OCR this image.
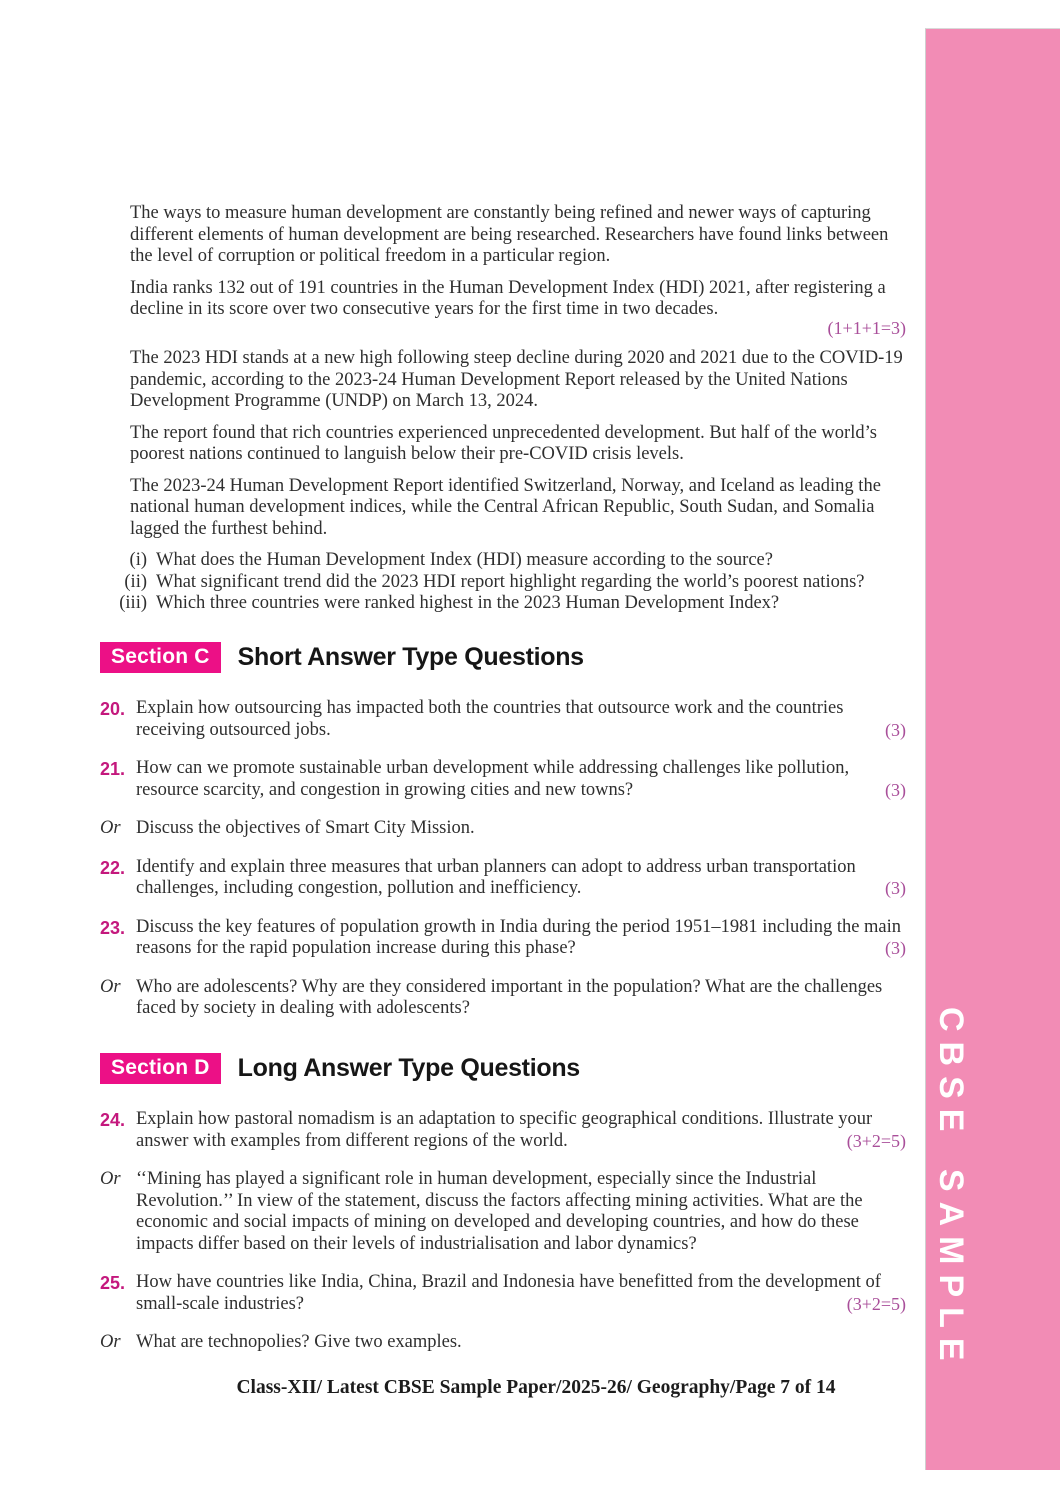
CBSE SAMPLE

The ways to measure human development are constantly being refined and newer ways of capturing different elements of human development are being researched. Researchers have found links between the level of corruption or political freedom in a particular region.

India ranks 132 out of 191 countries in the Human Development Index (HDI) 2021, after registering a decline in its score over two consecutive years for the first time in two decades.

(1+1+1=3)

The 2023 HDI stands at a new high following steep decline during 2020 and 2021 due to the COVID-19 pandemic, according to the 2023-24 Human Development Report released by the United Nations Development Programme (UNDP) on March 13, 2024.

The report found that rich countries experienced unprecedented development. But half of the world’s poorest nations continued to languish below their pre-COVID crisis levels.

The 2023-24 Human Development Report identified Switzerland, Norway, and Iceland as leading the national human development indices, while the Central African Republic, South Sudan, and Somalia lagged the furthest behind.

(i) What does the Human Development Index (HDI) measure according to the source?
(ii) What significant trend did the 2023 HDI report highlight regarding the world’s poorest nations?
(iii) Which three countries were ranked highest in the 2023 Human Development Index?
Section C	Short Answer Type Questions
20. Explain how outsourcing has impacted both the countries that outsource work and the countries receiving outsourced jobs.	(3)
21. How can we promote sustainable urban development while addressing challenges like pollution, resource scarcity, and congestion in growing cities and new towns?	(3)
Or Discuss the objectives of Smart City Mission.
22. Identify and explain three measures that urban planners can adopt to address urban transportation challenges, including congestion, pollution and inefficiency.	(3)
23. Discuss the key features of population growth in India during the period 1951–1981 including the main reasons for the rapid population increase during this phase?	(3)
Or Who are adolescents? Why are they considered important in the population? What are the challenges faced by society in dealing with adolescents?
Section D	Long Answer Type Questions
24. Explain how pastoral nomadism is an adaptation to specific geographical conditions. Illustrate your answer with examples from different regions of the world.	(3+2=5)
Or ‘‘Mining has played a significant role in human development, especially since the Industrial Revolution.’’ In view of the statement, discuss the factors affecting mining activities. What are the economic and social impacts of mining on developed and developing countries, and how do these impacts differ based on their levels of industrialisation and labor dynamics?
25. How have countries like India, China, Brazil and Indonesia have benefitted from the development of small-scale industries?	(3+2=5)
Or What are technopolies? Give two examples.
Class-XII/ Latest CBSE Sample Paper/2025-26/ Geography/Page 7 of 14
